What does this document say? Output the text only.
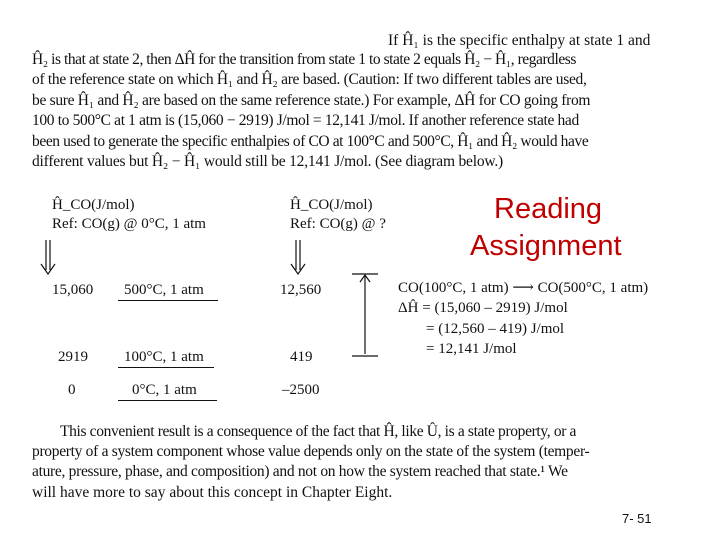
If Ĥ₁ is the specific enthalpy at state 1 and
Ĥ₂ is that at state 2, then ΔĤ for the transition from state 1 to state 2 equals Ĥ₂ − Ĥ₁, regardless
of the reference state on which Ĥ₁ and Ĥ₂ are based. (Caution: If two different tables are used,
be sure Ĥ₁ and Ĥ₂ are based on the same reference state.) For example, ΔĤ for CO going from
100 to 500°C at 1 atm is (15,060 − 2919) J/mol = 12,141 J/mol. If another reference state had
been used to generate the specific enthalpies of CO at 100°C and 500°C, Ĥ₁ and Ĥ₂ would have
different values but Ĥ₂ − Ĥ₁ would still be 12,141 J/mol. (See diagram below.)
Reading
Assignment
Ĥ_CO(J/mol)
Ref: CO(g) @ 0°C, 1 atm
Ĥ_CO(J/mol)
Ref: CO(g) @ ?
15,060	500°C, 1 atm	12,560
2919	100°C, 1 atm	419
0	0°C, 1 atm	–2500
CO(100°C, 1 atm) ⟶ CO(500°C, 1 atm)
ΔĤ = (15,060 – 2919) J/mol
= (12,560 – 419) J/mol
= 12,141 J/mol
This convenient result is a consequence of the fact that Ĥ, like Û, is a state property, or a
property of a system component whose value depends only on the state of the system (temper-
ature, pressure, phase, and composition) and not on how the system reached that state.¹ We
will have more to say about this concept in Chapter Eight.
7- 51
